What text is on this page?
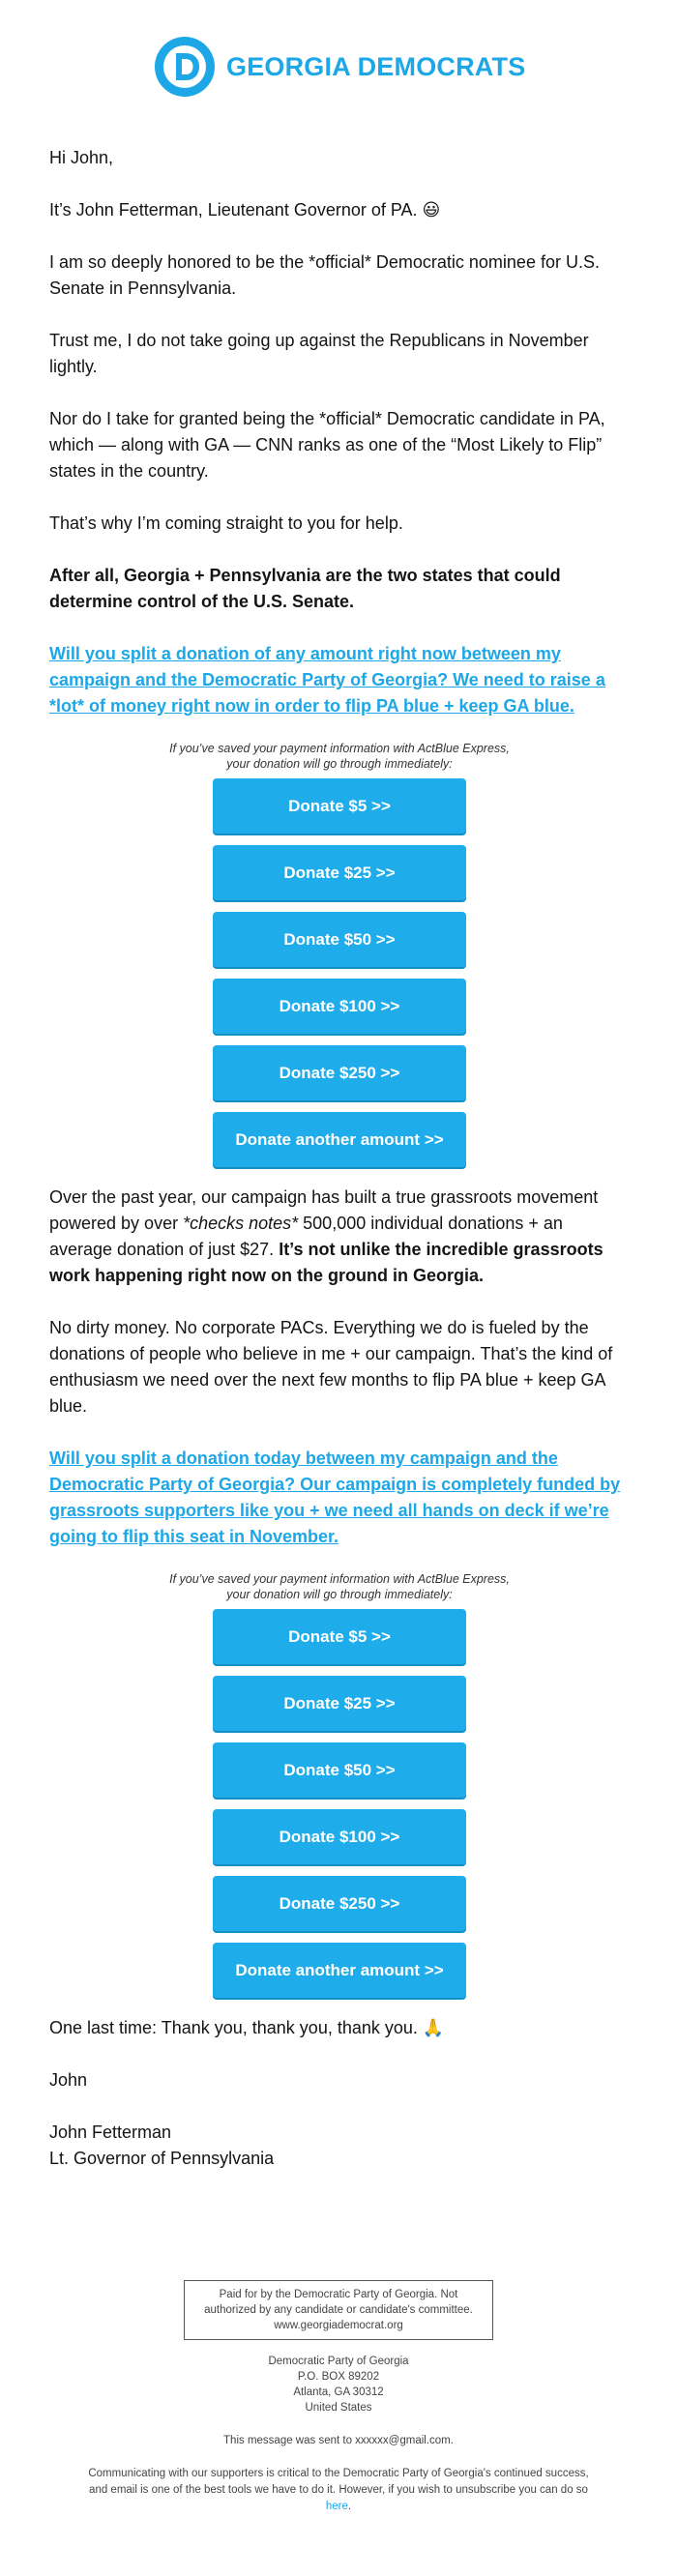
GEORGIA DEMOCRATS

Hi John,

It’s John Fetterman, Lieutenant Governor of PA. 😃

I am so deeply honored to be the *official* Democratic nominee for U.S. Senate in Pennsylvania.

Trust me, I do not take going up against the Republicans in November lightly.

Nor do I take for granted being the *official* Democratic candidate in PA, which — along with GA — CNN ranks as one of the “Most Likely to Flip” states in the country.

That’s why I’m coming straight to you for help.

After all, Georgia + Pennsylvania are the two states that could determine control of the U.S. Senate.

Will you split a donation of any amount right now between my campaign and the Democratic Party of Georgia? We need to raise a *lot* of money right now in order to flip PA blue + keep GA blue.
If you’ve saved your payment information with ActBlue Express,
your donation will go through immediately:
Donate $5 >>
Donate $25 >>
Donate $50 >>
Donate $100 >>
Donate $250 >>
Donate another amount >>

Over the past year, our campaign has built a true grassroots movement powered by over *checks notes* 500,000 individual donations + an average donation of just $27. It’s not unlike the incredible grassroots work happening right now on the ground in Georgia.

No dirty money. No corporate PACs. Everything we do is fueled by the donations of people who believe in me + our campaign. That’s the kind of enthusiasm we need over the next few months to flip PA blue + keep GA blue.

Will you split a donation today between my campaign and the Democratic Party of Georgia? Our campaign is completely funded by grassroots supporters like you + we need all hands on deck if we’re going to flip this seat in November.
If you’ve saved your payment information with ActBlue Express,
your donation will go through immediately:
Donate $5 >>
Donate $25 >>
Donate $50 >>
Donate $100 >>
Donate $250 >>
Donate another amount >>

One last time: Thank you, thank you, thank you. 🙏

John

John Fetterman

Lt. Governor of Pennsylvania

Paid for by the Democratic Party of Georgia. Not authorized by any candidate or candidate's committee. www.georgiademocrat.org
Democratic Party of Georgia
P.O. BOX 89202
Atlanta, GA 30312
United States
This message was sent to xxxxxx@gmail.com.
Communicating with our supporters is critical to the Democratic Party of Georgia's continued success, and email is one of the best tools we have to do it. However, if you wish to unsubscribe you can do so here.
